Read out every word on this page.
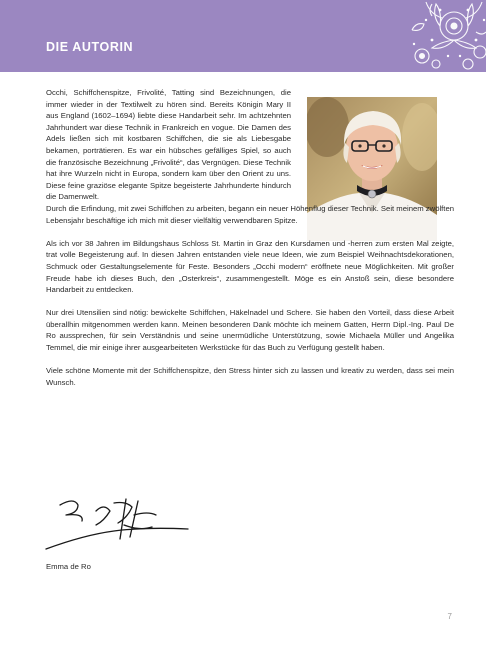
DIE AUTORIN

Occhi, Schiffchenspitze, Frivolité, Tatting sind Bezeichnungen, die immer wieder in der Textilwelt zu hören sind. Bereits Königin Mary II aus England (1602–1694) liebte diese Handarbeit sehr. Im achtzehnten Jahrhundert war diese Technik in Frankreich en vogue. Die Damen des Adels ließen sich mit kostbaren Schiffchen, die sie als Liebesgabe bekamen, porträtieren. Es war ein hübsches gefälliges Spiel, so auch die französische Bezeichnung „Frivolité“, das Vergnügen. Diese Technik hat ihre Wurzeln nicht in Europa, sondern kam über den Orient zu uns. Diese feine graziöse elegante Spitze begeisterte Jahrhunderte hindurch die Damenwelt.

Durch die Erfindung, mit zwei Schiffchen zu arbeiten, begann ein neuer Höhenflug dieser Technik. Seit meinem zwölften Lebensjahr beschäftige ich mich mit dieser vielfältig verwendbaren Spitze.

Als ich vor 38 Jahren im Bildungshaus Schloss St. Martin in Graz den Kursdamen und -herren zum ersten Mal zeigte, trat volle Begeisterung auf. In diesen Jahren entstanden viele neue Ideen, wie zum Beispiel Weihnachtsdekorationen, Schmuck oder Gestaltungselemente für Feste. Besonders „Occhi modern“ eröffnete neue Möglichkeiten. Mit großer Freude habe ich dieses Buch, den „Osterkreis“, zusammengestellt. Möge es ein Anstoß sein, diese besondere Handarbeit zu entdecken.

Nur drei Utensilien sind nötig: bewickelte Schiffchen, Häkelnadel und Schere. Sie haben den Vorteil, dass diese Arbeit überallhin mitgenommen werden kann. Meinen besonderen Dank möchte ich meinem Gatten, Herrn Dipl.-Ing. Paul De Ro aussprechen, für sein Verständnis und seine unermüdliche Unterstützung, sowie Michaela Müller und Angelika Temmel, die mir einige ihrer ausgearbeiteten Werkstücke für das Buch zu Verfügung gestellt haben.

Viele schöne Momente mit der Schiffchenspitze, den Stress hinter sich zu lassen und kreativ zu werden, dass sei mein Wunsch.

Emma de Ro
7
